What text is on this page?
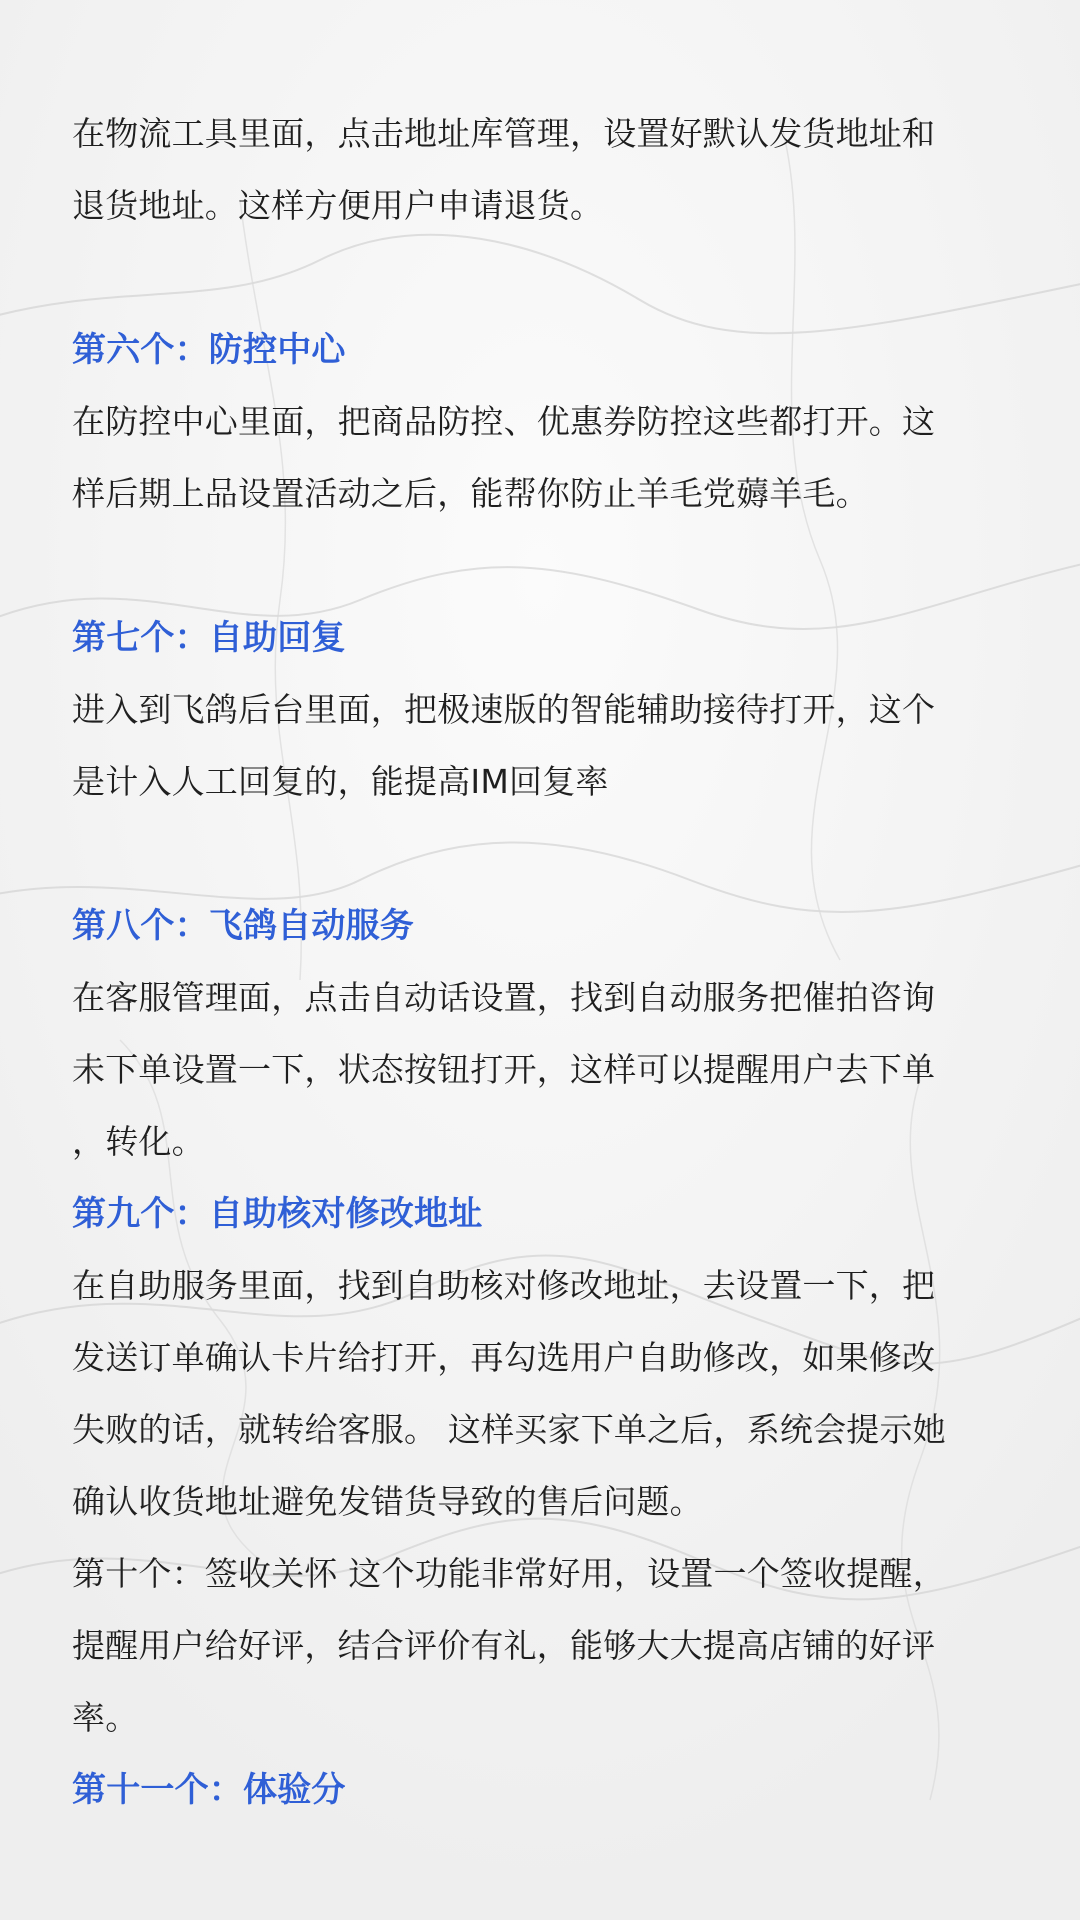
在物流工具里面，点击地址库管理，设置好默认发货地址和
退货地址。这样方便用户申请退货。

第六个：防控中心

在防控中心里面，把商品防控、优惠券防控这些都打开。这
样后期上品设置活动之后，能帮你防止羊毛党薅羊毛。

第七个：自助回复

进入到飞鸽后台里面，把极速版的智能辅助接待打开，这个
是计入人工回复的，能提高IM回复率

第八个：飞鸽自动服务

在客服管理面，点击自动话设置，找到自动服务把催拍咨询
未下单设置一下，状态按钮打开，这样可以提醒用户去下单
，转化。

第九个：自助核对修改地址

在自助服务里面，找到自助核对修改地址，去设置一下，把
发送订单确认卡片给打开，再勾选用户自助修改，如果修改
失败的话，就转给客服。 这样买家下单之后，系统会提示她
确认收货地址避免发错货导致的售后问题。

第十个：签收关怀 这个功能非常好用，设置一个签收提醒，
提醒用户给好评，结合评价有礼，能够大大提高店铺的好评
率。

第十一个：体验分
